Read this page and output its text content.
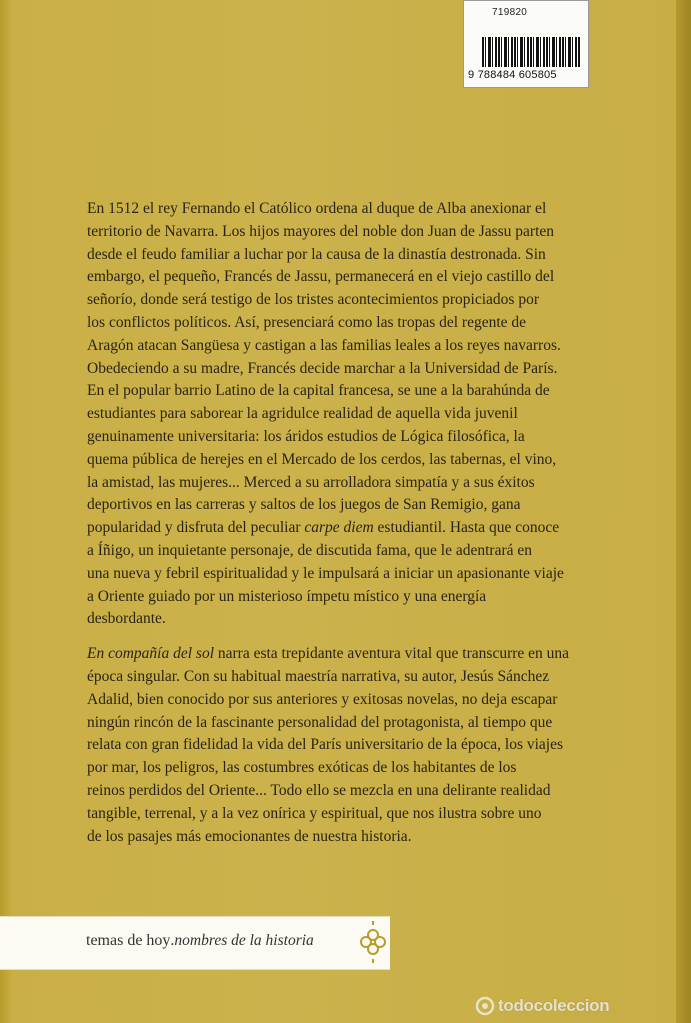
719820
9 788484 605805

En 1512 el rey Fernando el Católico ordena al duque de Alba anexionar el
territorio de Navarra. Los hijos mayores del noble don Juan de Jassu parten
desde el feudo familiar a luchar por la causa de la dinastía destronada. Sin
embargo, el pequeño, Francés de Jassu, permanecerá en el viejo castillo del
señorío, donde será testigo de los tristes acontecimientos propiciados por
los conflictos políticos. Así, presenciará como las tropas del regente de
Aragón atacan Sangüesa y castigan a las familias leales a los reyes navarros.
Obedeciendo a su madre, Francés decide marchar a la Universidad de París.
En el popular barrio Latino de la capital francesa, se une a la barahúnda de
estudiantes para saborear la agridulce realidad de aquella vida juvenil
genuinamente universitaria: los áridos estudios de Lógica filosófica, la
quema pública de herejes en el Mercado de los cerdos, las tabernas, el vino,
la amistad, las mujeres... Merced a su arrolladora simpatía y a sus éxitos
deportivos en las carreras y saltos de los juegos de San Remigio, gana
popularidad y disfruta del peculiar carpe diem estudiantil. Hasta que conoce
a Íñigo, un inquietante personaje, de discutida fama, que le adentrará en
una nueva y febril espiritualidad y le impulsará a iniciar un apasionante viaje
a Oriente guiado por un misterioso ímpetu místico y una energía
desbordante.

En compañía del sol narra esta trepidante aventura vital que transcurre en una
época singular. Con su habitual maestría narrativa, su autor, Jesús Sánchez
Adalid, bien conocido por sus anteriores y exitosas novelas, no deja escapar
ningún rincón de la fascinante personalidad del protagonista, al tiempo que
relata con gran fidelidad la vida del París universitario de la época, los viajes
por mar, los peligros, las costumbres exóticas de los habitantes de los
reinos perdidos del Oriente... Todo ello se mezcla en una delirante realidad
tangible, terrenal, y a la vez onírica y espiritual, que nos ilustra sobre uno
de los pasajes más emocionantes de nuestra historia.

temas de hoy.nombres de la historia
todocoleccion
